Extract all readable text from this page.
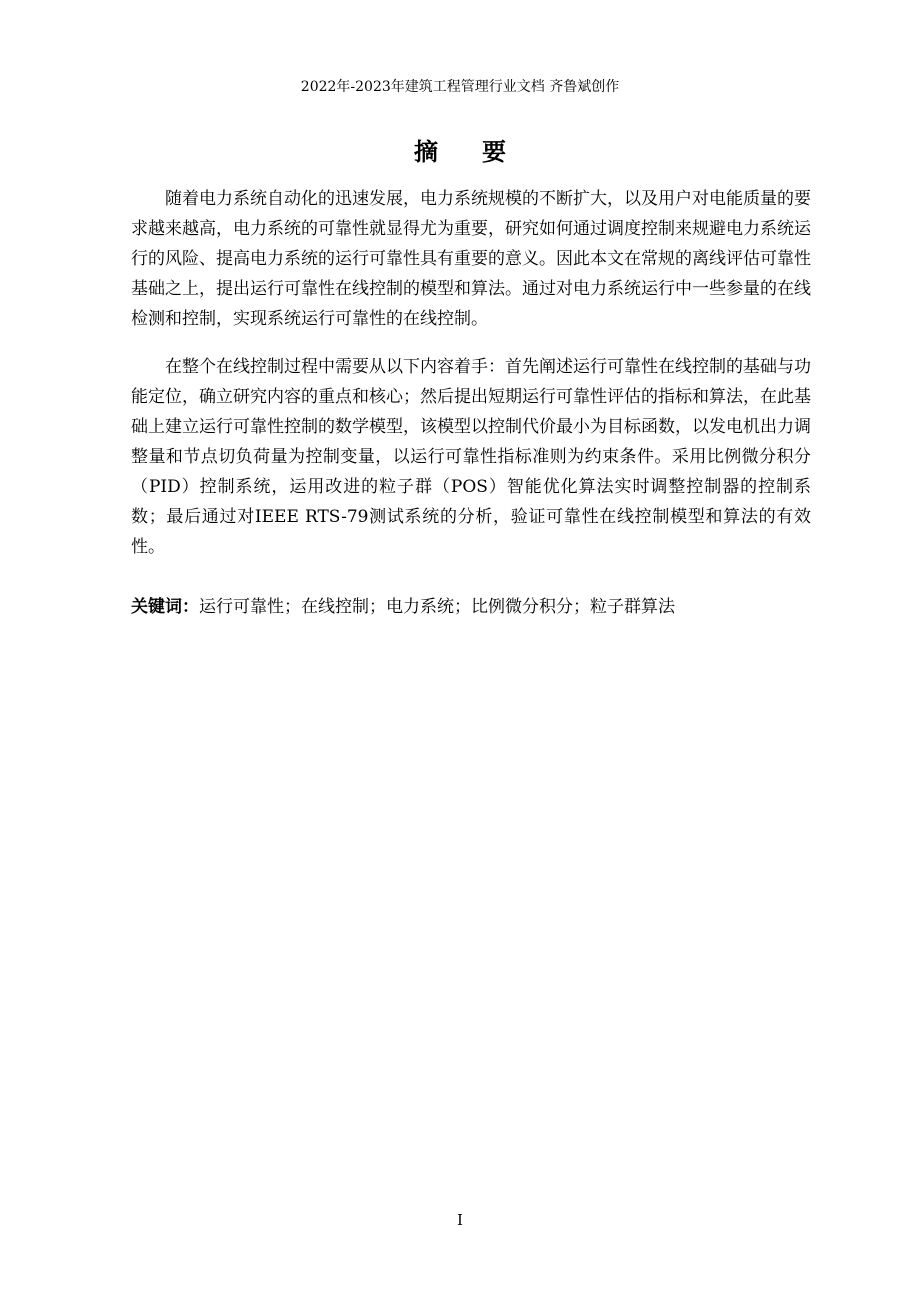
2022年-2023年建筑工程管理行业文档 齐鲁斌创作
摘要

随着电力系统自动化的迅速发展，电力系统规模的不断扩大，以及用户对电能质量的要求越来越高，电力系统的可靠性就显得尤为重要，研究如何通过调度控制来规避电力系统运行的风险、提高电力系统的运行可靠性具有重要的意义。因此本文在常规的离线评估可靠性基础之上，提出运行可靠性在线控制的模型和算法。通过对电力系统运行中一些参量的在线检测和控制，实现系统运行可靠性的在线控制。

在整个在线控制过程中需要从以下内容着手：首先阐述运行可靠性在线控制的基础与功能定位，确立研究内容的重点和核心；然后提出短期运行可靠性评估的指标和算法，在此基础上建立运行可靠性控制的数学模型，该模型以控制代价最小为目标函数，以发电机出力调整量和节点切负荷量为控制变量，以运行可靠性指标准则为约束条件。采用比例微分积分（PID）控制系统，运用改进的粒子群（POS）智能优化算法实时调整控制器的控制系数；最后通过对IEEE RTS-79测试系统的分析，验证可靠性在线控制模型和算法的有效性。

关键词：运行可靠性；在线控制；电力系统；比例微分积分；粒子群算法
I
